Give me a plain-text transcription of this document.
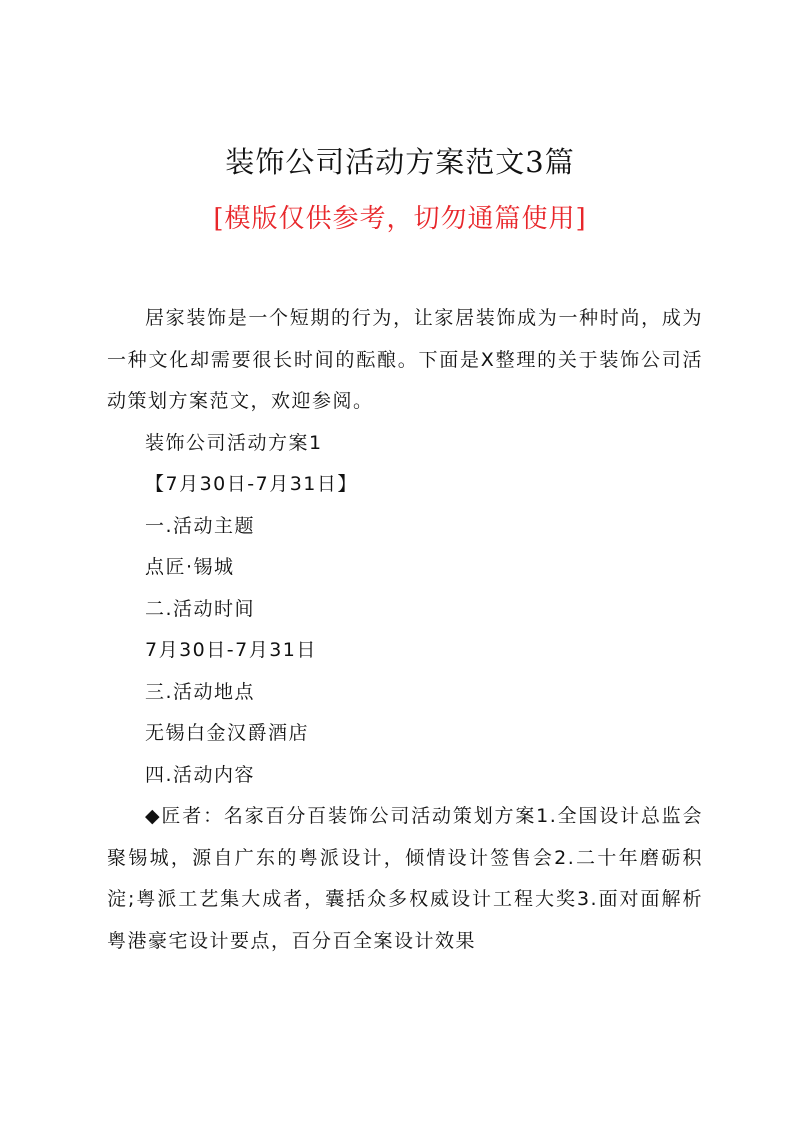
装饰公司活动方案范文3篇
[模版仅供参考，切勿通篇使用]

居家装饰是一个短期的行为，让家居装饰成为一种时尚，成为一种文化却需要很长时间的酝酿。下面是X整理的关于装饰公司活动策划方案范文，欢迎参阅。

装饰公司活动方案1

【7月30日-7月31日】

一.活动主题

点匠·锡城

二.活动时间

7月30日-7月31日

三.活动地点

无锡白金汉爵酒店

四.活动内容

◆匠者：名家百分百装饰公司活动策划方案1.全国设计总监会聚锡城，源自广东的粤派设计，倾情设计签售会2.二十年磨砺积淀;粤派工艺集大成者，囊括众多权威设计工程大奖3.面对面解析粤港豪宅设计要点，百分百全案设计效果
